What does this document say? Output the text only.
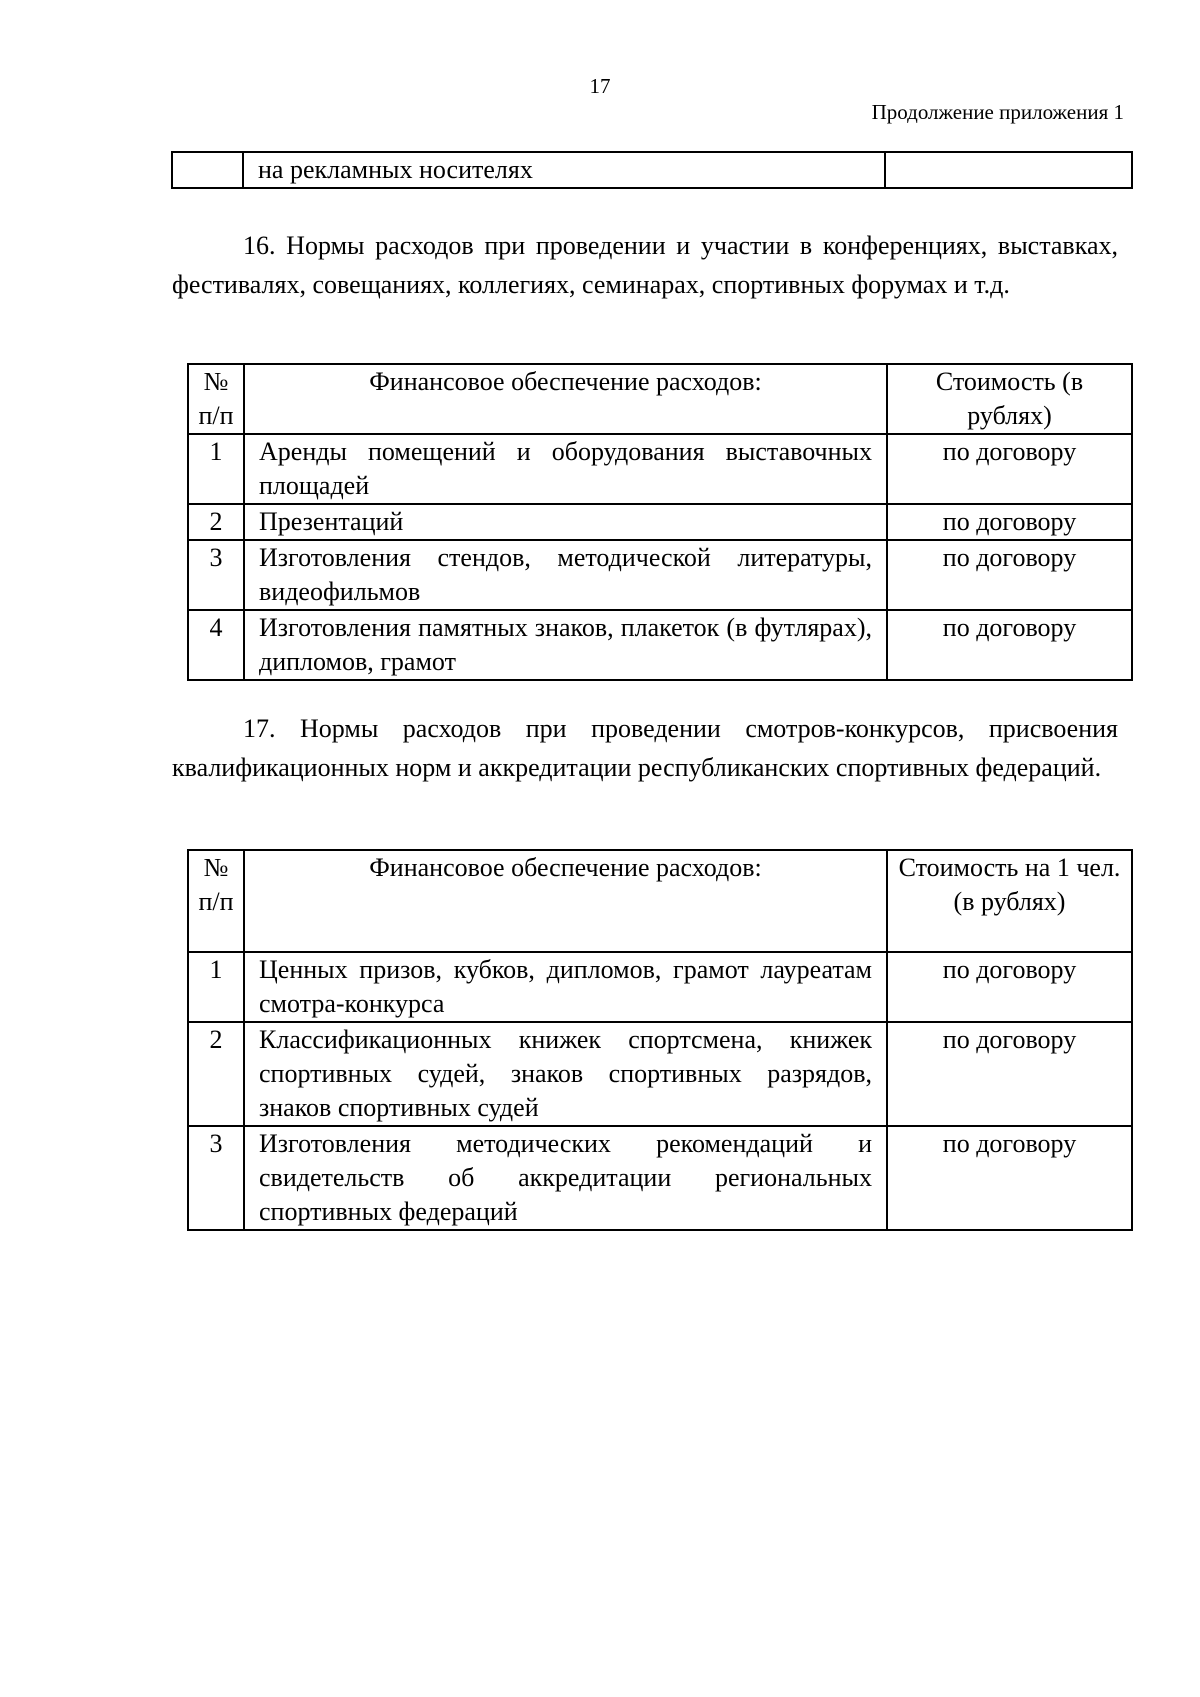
17
Продолжение приложения 1
	на рекламных носителях	
16. Нормы расходов при проведении и участии в конференциях, выставках, фестивалях, совещаниях, коллегиях, семинарах, спортивных форумах и т.д.
№ п/п	Финансовое обеспечение расходов:	Стоимость (в рублях)
1	Аренды помещений и оборудования выставочных площадей	по договору
2	Презентаций	по договору
3	Изготовления стендов, методической литературы, видеофильмов	по договору
4	Изготовления памятных знаков, плакеток (в футлярах), дипломов, грамот	по договору
17. Нормы расходов при проведении смотров-конкурсов, присвоения квалификационных норм и аккредитации республиканских спортивных федераций.
№ п/п	Финансовое обеспечение расходов:	Стоимость на 1 чел. (в рублях)
1	Ценных призов, кубков, дипломов, грамот лауреатам смотра-конкурса	по договору
2	Классификационных книжек спортсмена, книжек спортивных судей, знаков спортивных разрядов, знаков спортивных судей	по договору
3	Изготовления методических рекомендаций и свидетельств об аккредитации региональных спортивных федераций	по договору
